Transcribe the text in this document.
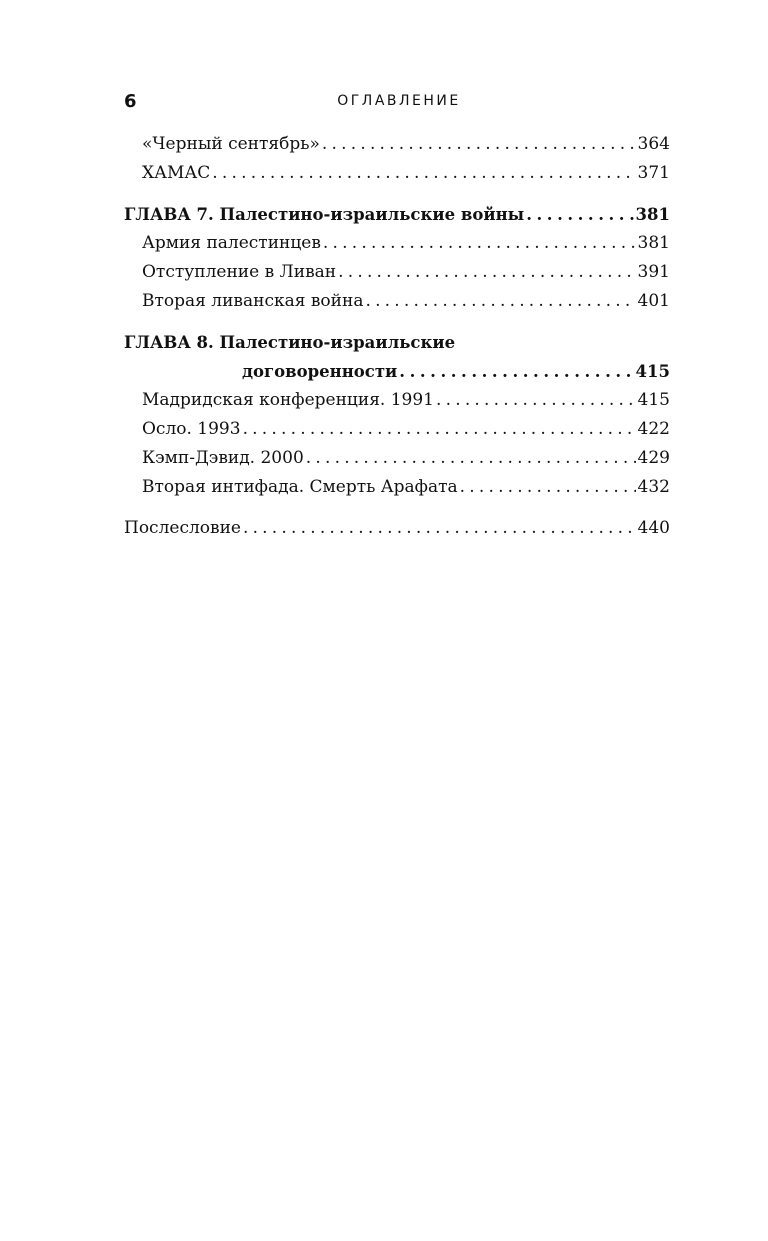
6	ОГЛАВЛЕНИЕ
«Черный сентябрь» . . .	364
ХАМАС . . .	371
ГЛАВА 7. Палестино-израильские войны . . .	381
Армия палестинцев . . .	381
Отступление в Ливан . . .	391
Вторая ливанская война . . .	401
ГЛАВА 8. Палестино-израильские
договоренности . . .	415
Мадридская конференция. 1991 . . .	415
Осло. 1993 . . .	422
Кэмп-Дэвид. 2000 . . .	429
Вторая интифада. Смерть Арафата . . .	432
Послесловие . . .	440
